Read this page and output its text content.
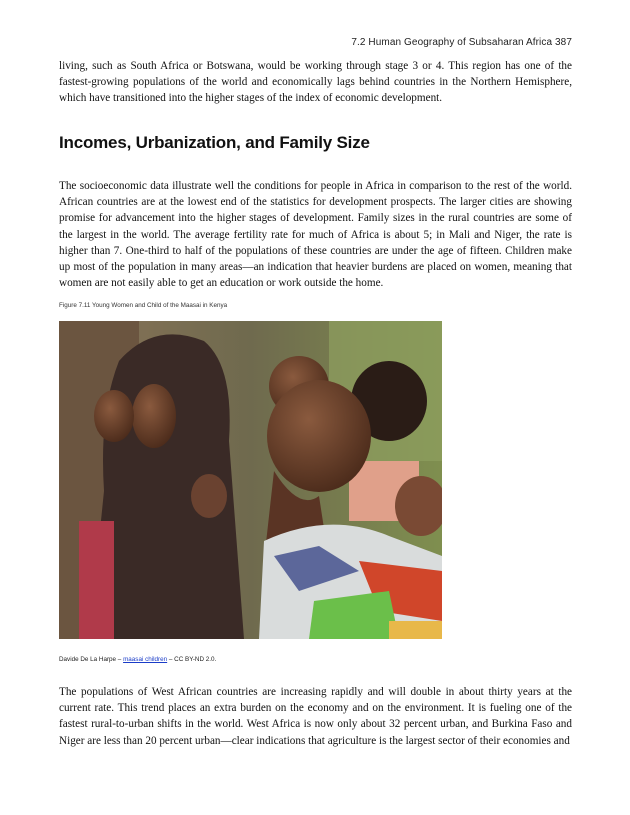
7.2 Human Geography of Subsaharan Africa 387

living, such as South Africa or Botswana, would be working through stage 3 or 4. This region has one of the fastest-growing populations of the world and economically lags behind countries in the Northern Hemisphere, which have transitioned into the higher stages of the index of economic development.

Incomes, Urbanization, and Family Size

The socioeconomic data illustrate well the conditions for people in Africa in comparison to the rest of the world. African countries are at the lowest end of the statistics for development prospects. The larger cities are showing promise for advancement into the higher stages of development. Family sizes in the rural countries are some of the largest in the world. The average fertility rate for much of Africa is about 5; in Mali and Niger, the rate is higher than 7. One-third to half of the populations of these countries are under the age of fifteen. Children make up most of the population in many areas—an indication that heavier burdens are placed on women, meaning that women are not easily able to get an education or work outside the home.

Figure 7.11 Young Women and Child of the Maasai in Kenya
Davide De La Harpe – maasai children – CC BY-ND 2.0.

The populations of West African countries are increasing rapidly and will double in about thirty years at the current rate. This trend places an extra burden on the economy and on the environment. It is fueling one of the fastest rural-to-urban shifts in the world. West Africa is now only about 32 percent urban, and Burkina Faso and Niger are less than 20 percent urban—clear indications that agriculture is the largest sector of their economies and
